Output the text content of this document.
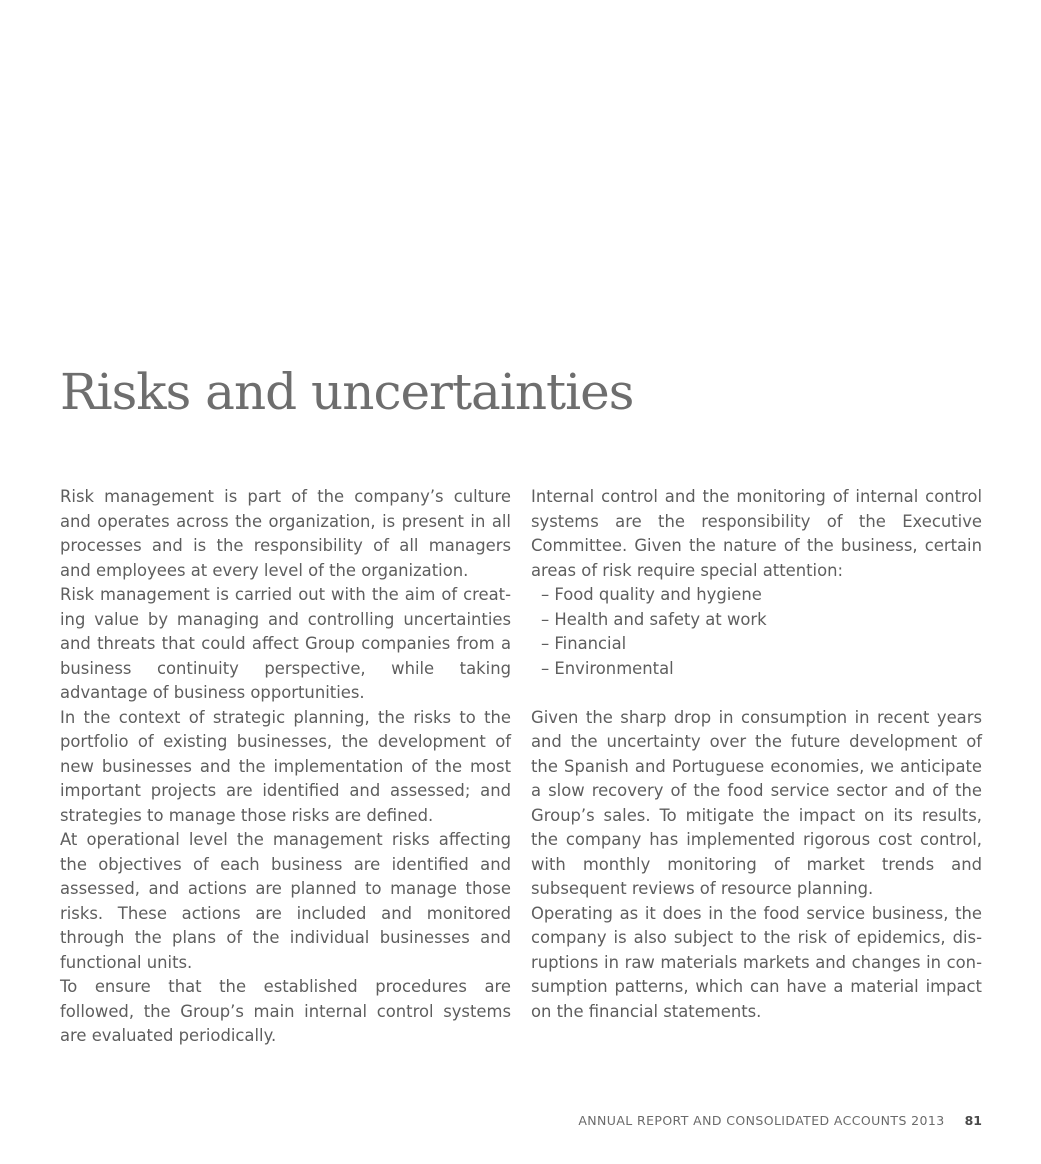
Risks and uncertainties

Risk management is part of the company’s culture and operates across the organization, is present in all processes and is the responsibility of all managers and employees at every level of the organization.

Risk management is carried out with the aim of creating value by managing and controlling uncertainties and threats that could affect Group companies from a business continuity perspective, while taking advantage of business opportunities.

In the context of strategic planning, the risks to the portfolio of existing businesses, the development of new businesses and the implementation of the most important projects are identified and assessed; and strategies to manage those risks are defined.

At operational level the management risks affecting the objectives of each business are identified and assessed, and actions are planned to manage those risks. These actions are included and monitored through the plans of the individual businesses and functional units.

To ensure that the established procedures are followed, the Group’s main internal control systems are evaluated periodically.

Internal control and the monitoring of internal control systems are the responsibility of the Executive Committee. Given the nature of the business, certain areas of risk require special attention:

– Food quality and hygiene
– Health and safety at work
– Financial
– Environmental

Given the sharp drop in consumption in recent years and the uncertainty over the future development of the Spanish and Portuguese economies, we anticipate a slow recovery of the food service sector and of the Group’s sales. To mitigate the impact on its results, the company has implemented rigorous cost control, with monthly monitoring of market trends and subsequent reviews of resource planning.

Operating as it does in the food service business, the company is also subject to the risk of epidemics, disruptions in raw materials markets and changes in consumption patterns, which can have a material impact on the financial statements.

ANNUAL REPORT AND CONSOLIDATED ACCOUNTS 2013 81
